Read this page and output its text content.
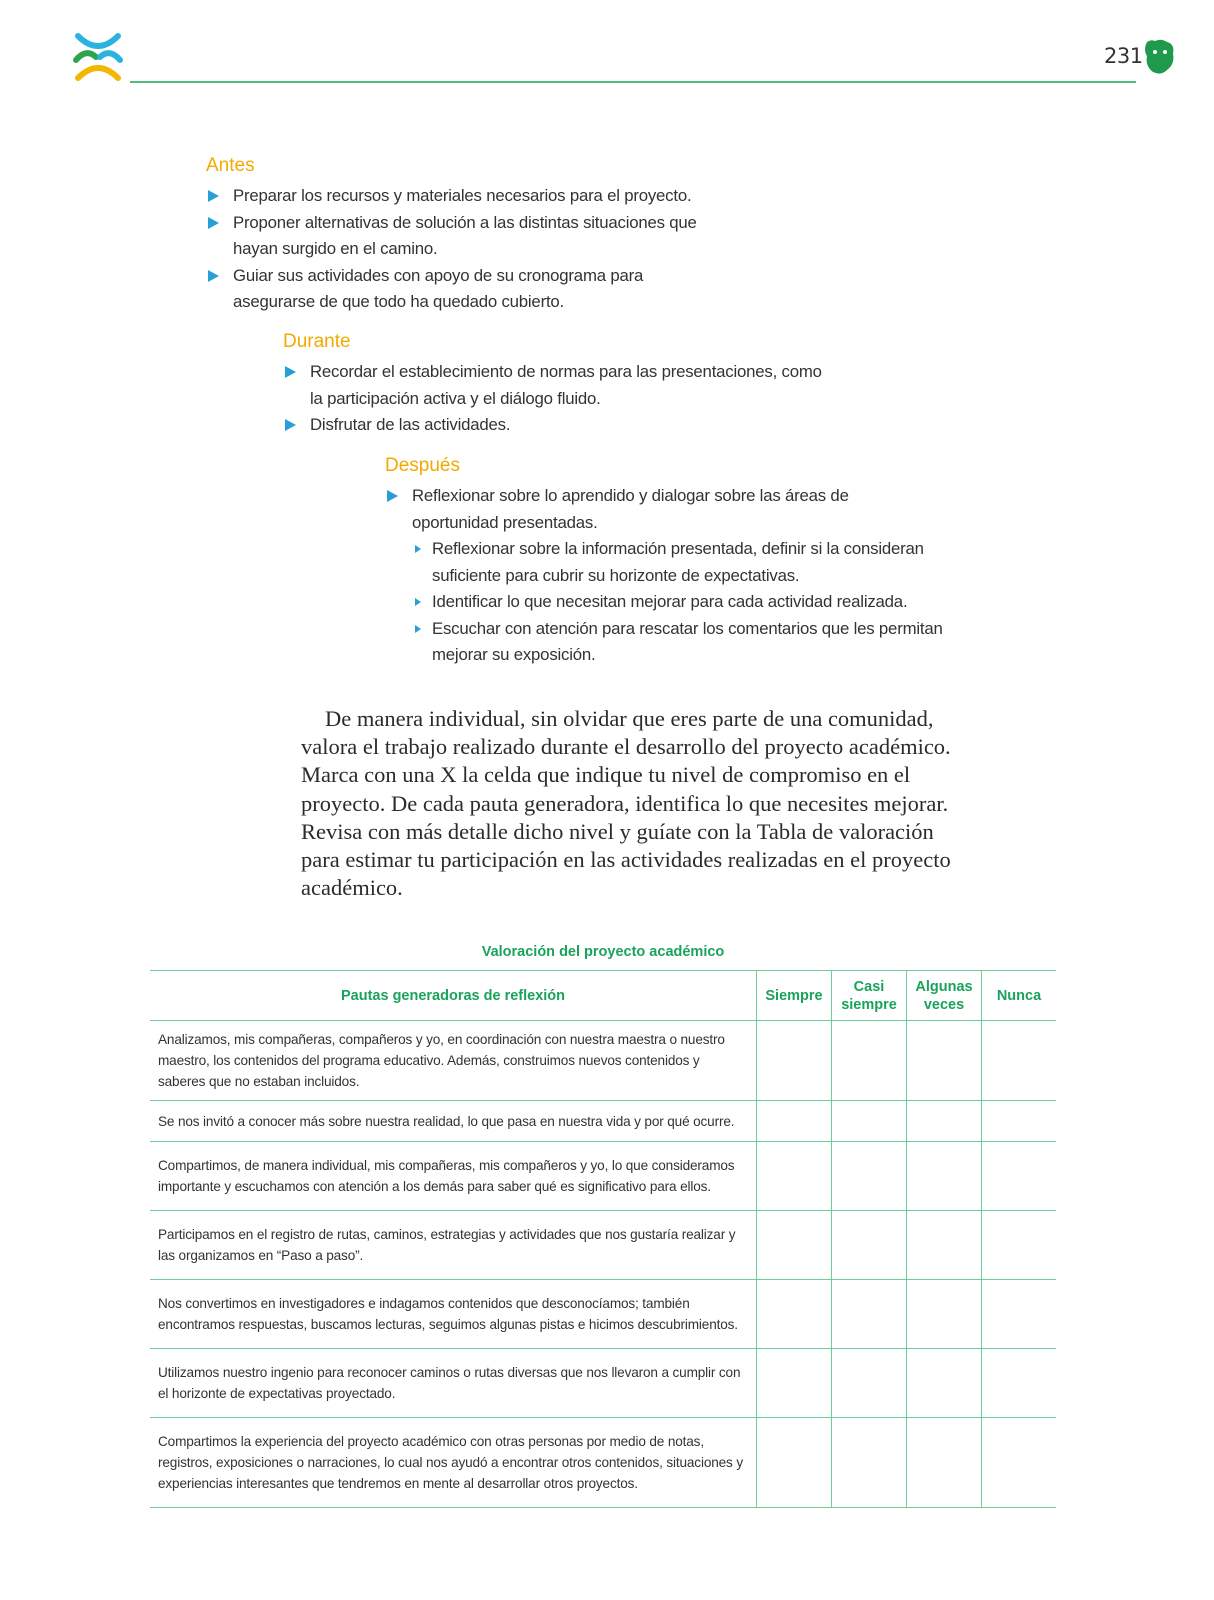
231
Antes
Preparar los recursos y materiales necesarios para el proyecto.
Proponer alternativas de solución a las distintas situaciones que hayan surgido en el camino.
Guiar sus actividades con apoyo de su cronograma para asegurarse de que todo ha quedado cubierto.
Durante
Recordar el establecimiento de normas para las presentaciones, como la participación activa y el diálogo fluido.
Disfrutar de las actividades.
Después
Reflexionar sobre lo aprendido y dialogar sobre las áreas de oportunidad presentadas.
Reflexionar sobre la información presentada, definir si la consideran suficiente para cubrir su horizonte de expectativas.
Identificar lo que necesitan mejorar para cada actividad realizada.
Escuchar con atención para rescatar los comentarios que les permitan mejorar su exposición.

De manera individual, sin olvidar que eres parte de una comunidad, valora el trabajo realizado durante el desarrollo del proyecto académico. Marca con una X la celda que indique tu nivel de compromiso en el proyecto. De cada pauta generadora, identifica lo que necesites mejorar. Revisa con más detalle dicho nivel y guíate con la Tabla de valoración para estimar tu participación en las actividades realizadas en el proyecto académico.

Valoración del proyecto académico
Pautas generadoras de reflexión	Siempre	Casi siempre	Algunas veces	Nunca
Analizamos, mis compañeras, compañeros y yo, en coordinación con nuestra maestra o nuestro maestro, los contenidos del programa educativo. Además, construimos nuevos contenidos y saberes que no estaban incluidos.				
Se nos invitó a conocer más sobre nuestra realidad, lo que pasa en nuestra vida y por qué ocurre.				
Compartimos, de manera individual, mis compañeras, mis compañeros y yo, lo que consideramos importante y escuchamos con atención a los demás para saber qué es significativo para ellos.				
Participamos en el registro de rutas, caminos, estrategias y actividades que nos gustaría realizar y las organizamos en “Paso a paso”.				
Nos convertimos en investigadores e indagamos contenidos que desconocíamos; también encontramos respuestas, buscamos lecturas, seguimos algunas pistas e hicimos descubrimientos.				
Utilizamos nuestro ingenio para reconocer caminos o rutas diversas que nos llevaron a cumplir con el horizonte de expectativas proyectado.				
Compartimos la experiencia del proyecto académico con otras personas por medio de notas, registros, exposiciones o narraciones, lo cual nos ayudó a encontrar otros contenidos, situaciones y experiencias interesantes que tendremos en mente al desarrollar otros proyectos.				
